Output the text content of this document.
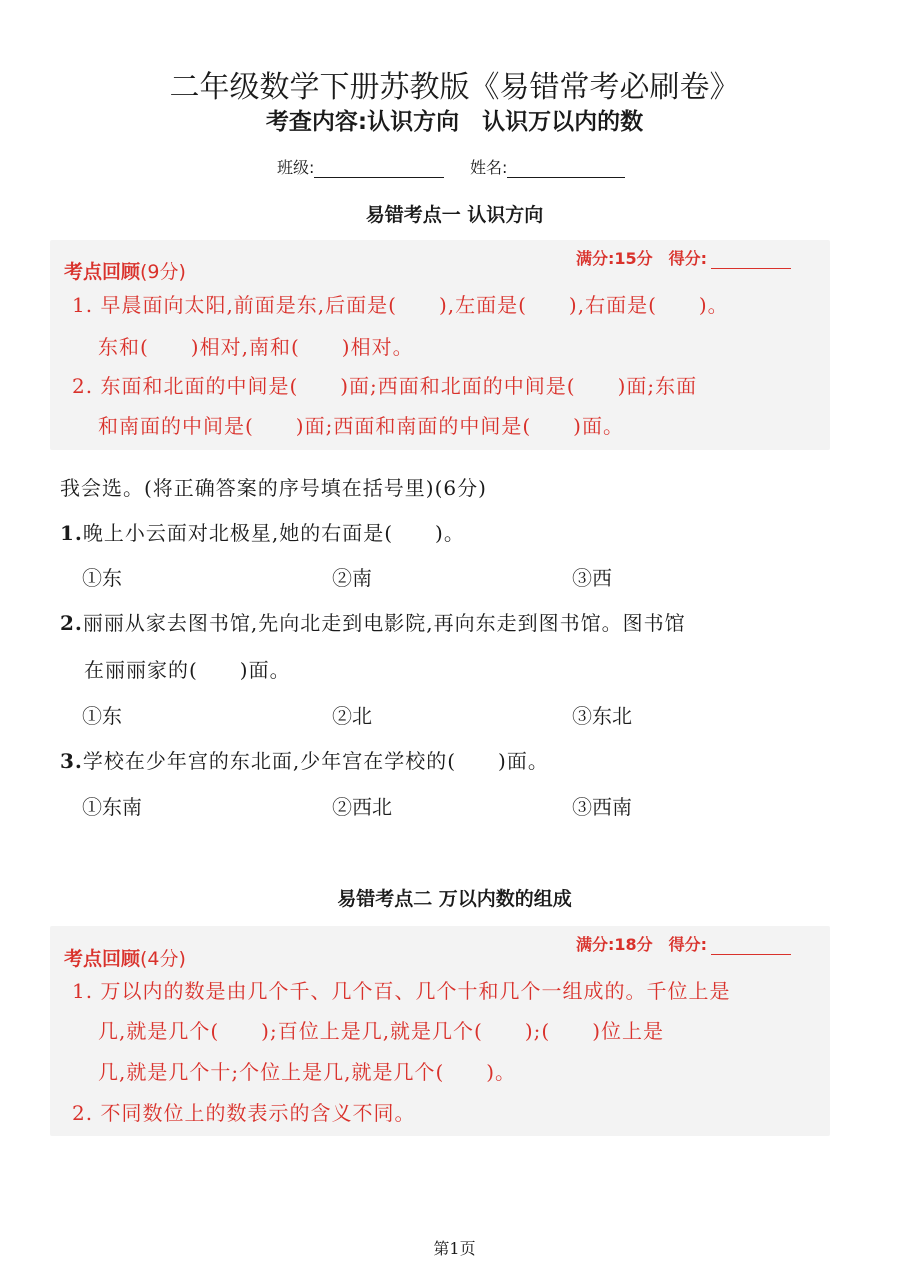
二年级数学下册苏教版《易错常考必刷卷》
考查内容:认识方向　认识万以内的数
班级:	姓名:
易错考点一 认识方向
满分:15分　得分:
考点回顾(9分)
1. 早晨面向太阳,前面是东,后面是(　　),左面是(　　),右面是(　　)。
东和(　　)相对,南和(　　)相对。
2. 东面和北面的中间是(　　)面;西面和北面的中间是(　　)面;东面
和南面的中间是(　　)面;西面和南面的中间是(　　)面。
我会选。(将正确答案的序号填在括号里)(6分)
1.晚上小云面对北极星,她的右面是(　　)。
①东	②南	③西
2.丽丽从家去图书馆,先向北走到电影院,再向东走到图书馆。图书馆
在丽丽家的(　　)面。
①东	②北	③东北
3.学校在少年宫的东北面,少年宫在学校的(　　)面。
①东南	②西北	③西南
易错考点二 万以内数的组成
满分:18分　得分:
考点回顾(4分)
1. 万以内的数是由几个千、几个百、几个十和几个一组成的。千位上是
几,就是几个(　　);百位上是几,就是几个(　　);(　　)位上是
几,就是几个十;个位上是几,就是几个(　　)。
2. 不同数位上的数表示的含义不同。
第1页
